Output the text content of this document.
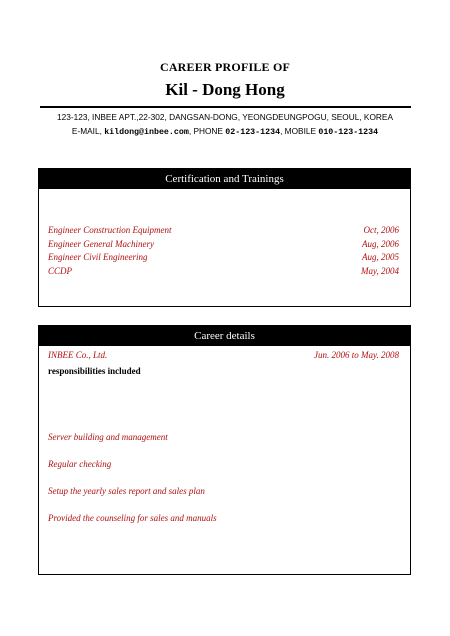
CAREER PROFILE OF
Kil - Dong Hong
123-123, INBEE APT.,22-302, DANGSAN-DONG, YEONGDEUNGPOGU, SEOUL, KOREA
E-MAIL, kildong@inbee.com, PHONE 02-123-1234, MOBILE 010-123-1234
Certification and Trainings
Engineer Construction Equipment	Oct, 2006
Engineer General Machinery	Aug, 2006
Engineer Civil Engineering	Aug, 2005
CCDP	May, 2004
Career details
INBEE Co., Ltd.	Jun. 2006 to May. 2008
responsibilities included
Server building and management
Regular checking
Setup the yearly sales report and sales plan
Provided the counseling for sales and manuals
